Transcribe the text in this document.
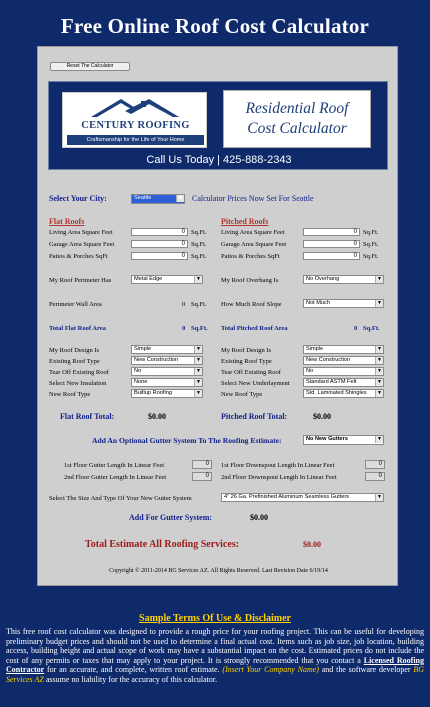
Free Online Roof Cost Calculator
Reset The Calculator
CENTURY ROOFING
Craftsmanship for the Life of Your Home
Residential Roof
Cost Calculator
Call Us Today | 425-888-2343
Select Your City:	Seattle	▼ Calculator Prices Now Set For Seattle
Flat Roofs
Living Area Square Feet	0 Sq.Ft.
Garage Area Square Feet	0 Sq.Ft.
Patios & Porches SqFt	0 Sq.Ft.
My Roof Perimeter Has	Metal Edge	▼
Perimeter Wall Area	0 Sq.Ft.
Total Flat Roof Area	0 Sq.Ft.
My Roof Design Is	Simple	▼
Existing Roof Type	New Construction	▼
Tear Off Existing Roof	No	▼
Select New Insulation	None	▼
New Roof Type	Builtup Roofing	▼
Flat Roof Total:	$0.00
Pitched Roofs
Living Area Square Feet	0 Sq.Ft.
Garage Area Square Feet	0 Sq.Ft.
Patios & Porches SqFt	0 Sq.Ft.
My Roof Overhang Is	No Overhang	▼
How Much Roof Slope	Not Much	▼
Total Pitched Roof Area	0 Sq.Ft.
My Roof Design Is	Simple	▼
Existing Roof Type	New Construction	▼
Tear Off Existing Roof	No	▼
Select New Underlayment	Standard ASTM Felt	▼
New Roof Type	Std. Laminated Shingles	▼
Pitched Roof Total:	$0.00
Add An Optional Gutter System To The Roofing Estimate:	No New Gutters	▼
1st Floor Gutter Length In Linear Feet	0
2nd Floor Gutter Length In Linear Feet	0
1st Floor Downspout Length In Linear Feet	0
2nd Floor Downspout Length In Linear Feet	0
Select The Size And Type Of Your New Gutter System	4" 26 Ga. Prefinished Aluminum Seamless Gutters	▼
Add For Gutter System:	$0.00
Total Estimate All Roofing Services:	$0.00
Copyright © 2011-2014 BG Services AZ. All Rights Reserved. Last Revision Date 6/19/14
Sample Terms Of Use & Disclaimer
This free roof cost calculator was designed to provide a rough price for your roofing project. This can be useful for developing preliminary budget prices and should not be used to determine a final actual cost. Items such as job size, job location, building access, building height and actual scope of work may have a substantial impact on the cost. Estimated prices do not include the cost of any permits or taxes that may apply to your project. It is strongly recommended that you contact a Licensed Roofing Contractor for an accurate, and complete, written roof estimate. (Insert Your Company Name) and the software developer BG Services AZ assume no liability for the accuracy of this calculator.
